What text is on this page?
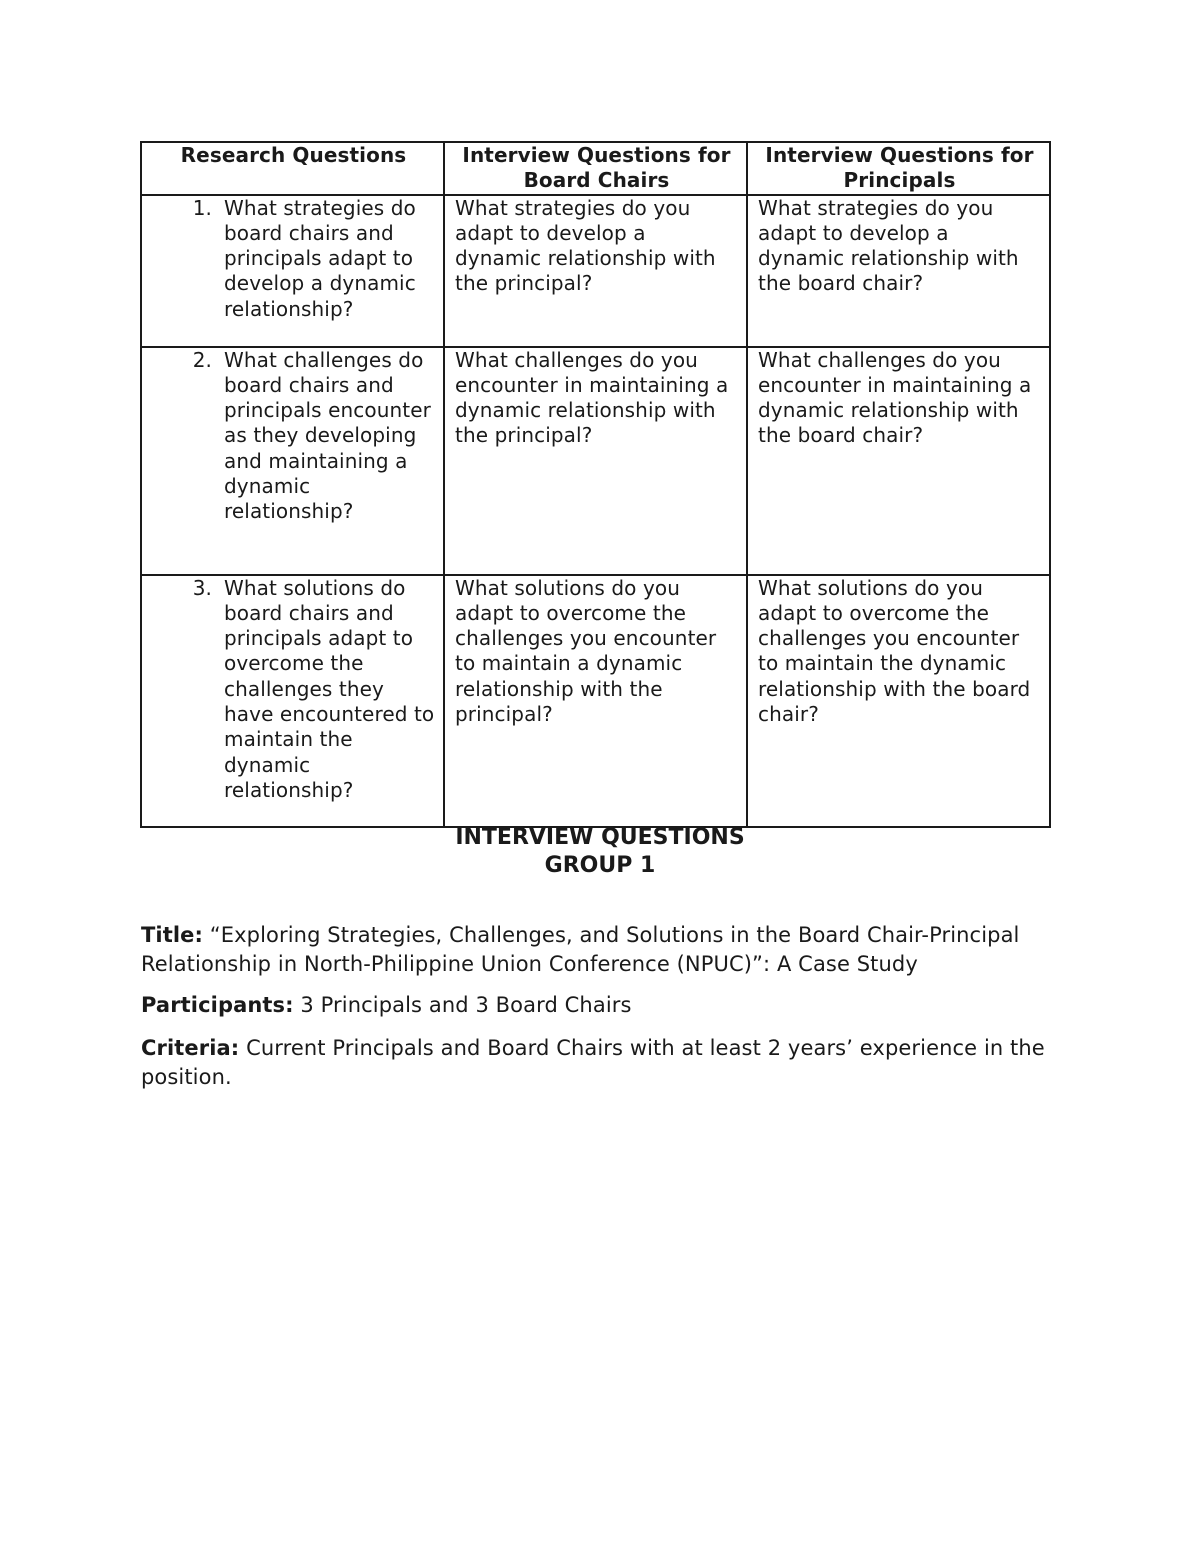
Research Questions	Interview Questions for Board Chairs	Interview Questions for Principals

1. What strategies do board chairs and principals adapt to develop a dynamic relationship?	What strategies do you adapt to develop a dynamic relationship with the principal?	What strategies do you adapt to develop a dynamic relationship with the board chair?

2. What challenges do board chairs and principals encounter as they developing and maintaining a dynamic relationship?	What challenges do you encounter in maintaining a dynamic relationship with the principal?	What challenges do you encounter in maintaining a dynamic relationship with the board chair?

3. What solutions do board chairs and principals adapt to overcome the challenges they have encountered to maintain the dynamic relationship?	What solutions do you adapt to overcome the challenges you encounter to maintain a dynamic relationship with the principal?	What solutions do you adapt to overcome the challenges you encounter to maintain the dynamic relationship with the board chair?
INTERVIEW QUESTIONS
GROUP 1
Title: “Exploring Strategies, Challenges, and Solutions in the Board Chair-Principal Relationship in North-Philippine Union Conference (NPUC)”: A Case Study
Participants: 3 Principals and 3 Board Chairs
Criteria: Current Principals and Board Chairs with at least 2 years’ experience in the position.
